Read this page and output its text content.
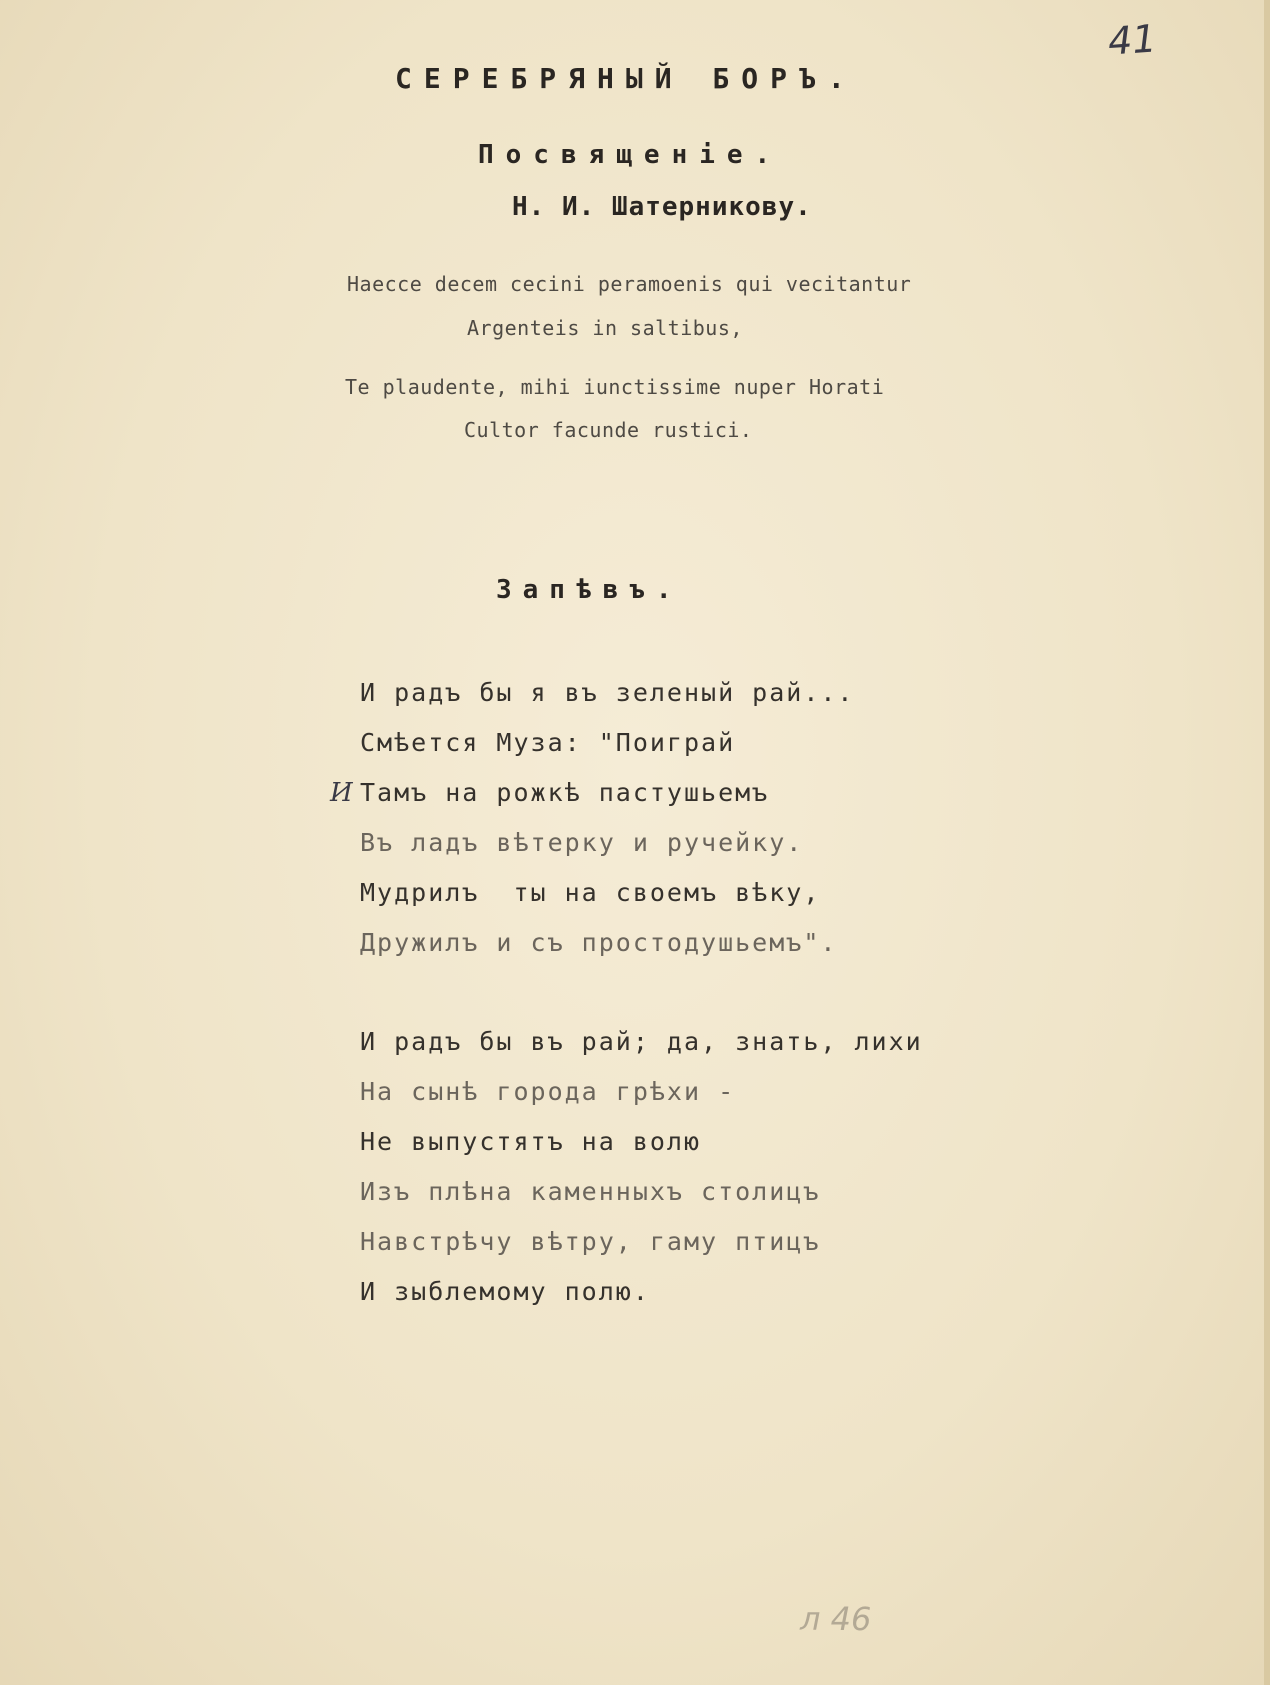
41
СЕРЕБРЯНЫЙ БОРЪ.
Посвященіе.
Н. И. Шатерникову.
Haecce decem cecini peramoenis qui vecitantur
Argenteis in saltibus,
Te plaudente, mihi iunctissime nuper Horati
Cultor facunde rustici.
Запѣвъ.
И
И радъ бы я въ зеленый рай...
Смѣется Муза: "Поиграй
Тамъ на рожкѣ пастушьемъ
Въ ладъ вѣтерку и ручейку.
Мудрилъ  ты на своемъ вѣку,
Дружилъ и съ простодушьемъ".
И радъ бы въ рай; да, знать, лихи
На сынѣ города грѣхи -
Не выпустятъ на волю
Изъ плѣна каменныхъ столицъ
Навстрѣчу вѣтру, гаму птицъ
И зыблемому полю.
л 46
